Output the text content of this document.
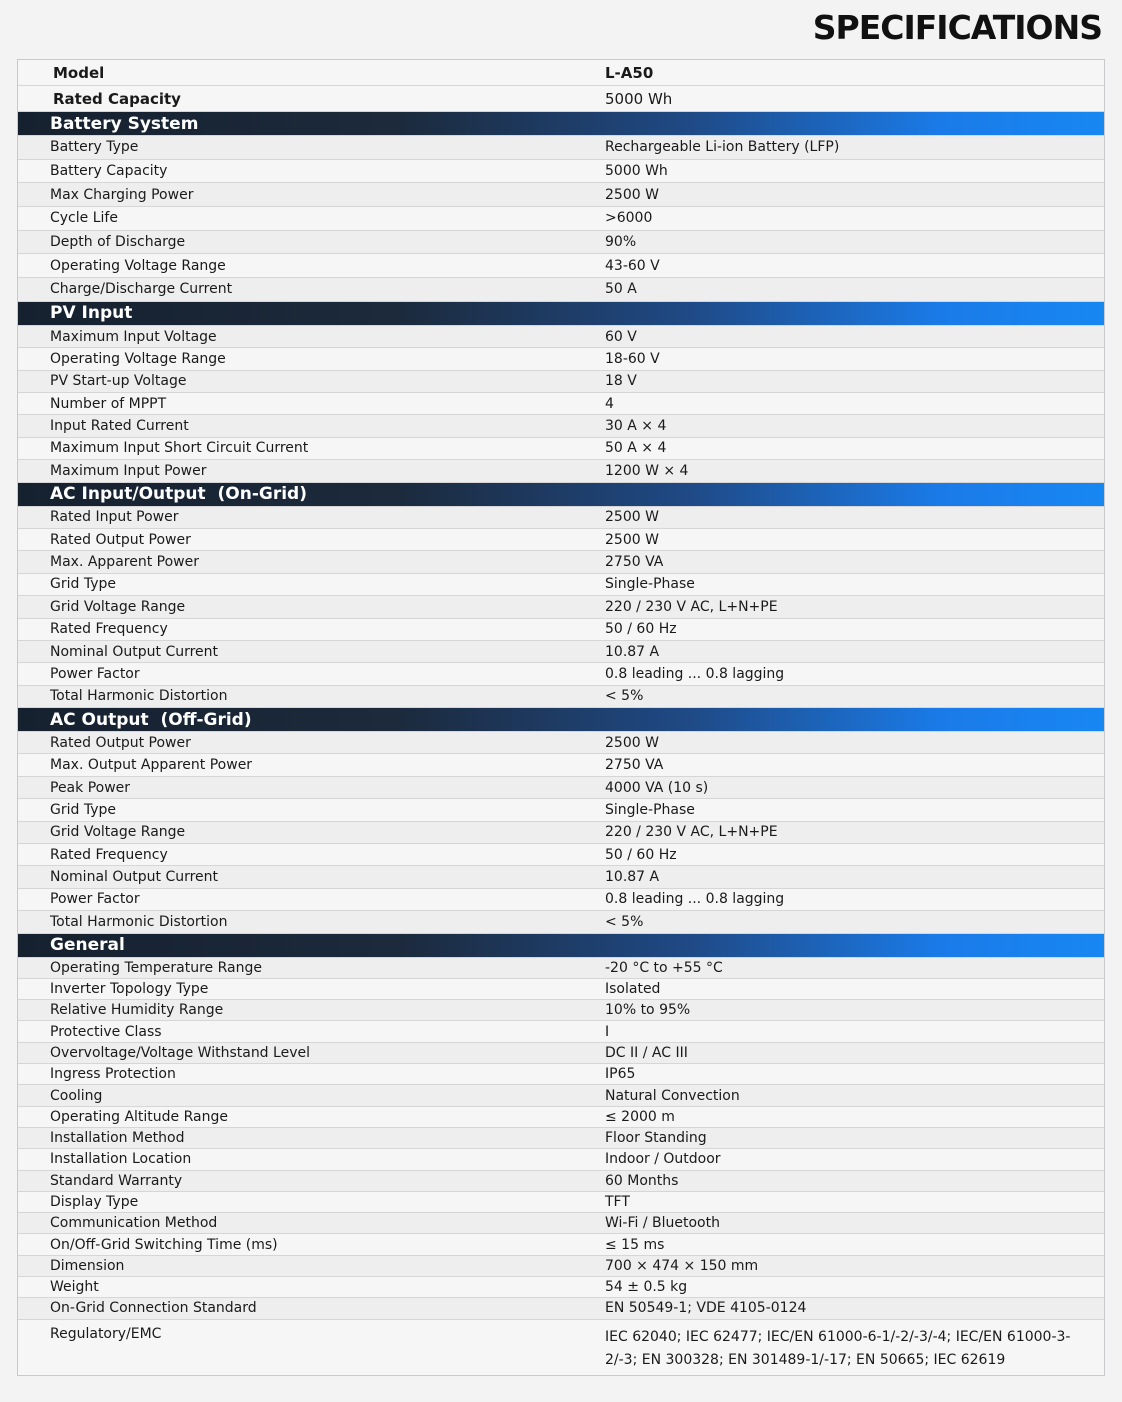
SPECIFICATIONS
Model	L-A50
Rated Capacity	5000 Wh
Battery System
Battery Type	Rechargeable Li-ion Battery (LFP)
Battery Capacity	5000 Wh
Max Charging Power	2500 W
Cycle Life	>6000
Depth of Discharge	90%
Operating Voltage Range	43-60 V
Charge/Discharge Current	50 A
PV Input
Maximum Input Voltage	60 V
Operating Voltage Range	18-60 V
PV Start-up Voltage	18 V
Number of MPPT	4
Input Rated Current	30 A × 4
Maximum Input Short Circuit Current	50 A × 4
Maximum Input Power	1200 W × 4
AC Input/Output  (On-Grid)
Rated Input Power	2500 W
Rated Output Power	2500 W
Max. Apparent Power	2750 VA
Grid Type	Single-Phase
Grid Voltage Range	220 / 230 V AC, L+N+PE
Rated Frequency	50 / 60 Hz
Nominal Output Current	10.87 A
Power Factor	0.8 leading ... 0.8 lagging
Total Harmonic Distortion	< 5%
AC Output  (Off-Grid)
Rated Output Power	2500 W
Max. Output Apparent Power	2750 VA
Peak Power	4000 VA (10 s)
Grid Type	Single-Phase
Grid Voltage Range	220 / 230 V AC, L+N+PE
Rated Frequency	50 / 60 Hz
Nominal Output Current	10.87 A
Power Factor	0.8 leading ... 0.8 lagging
Total Harmonic Distortion	< 5%
General
Operating Temperature Range	-20 °C to +55 °C
Inverter Topology Type	Isolated
Relative Humidity Range	10% to 95%
Protective Class	I
Overvoltage/Voltage Withstand Level	DC II / AC III
Ingress Protection	IP65
Cooling	Natural Convection
Operating Altitude Range	≤ 2000 m
Installation Method	Floor Standing
Installation Location	Indoor / Outdoor
Standard Warranty	60 Months
Display Type	TFT
Communication Method	Wi-Fi / Bluetooth
On/Off-Grid Switching Time (ms)	≤ 15 ms
Dimension	700 × 474 × 150 mm
Weight	54 ± 0.5 kg
On-Grid Connection Standard	EN 50549-1; VDE 4105-0124
Regulatory/EMC	IEC 62040; IEC 62477; IEC/EN 61000-6-1/-2/-3/-4; IEC/EN 61000-3-2/-3; EN 300328; EN 301489-1/-17; EN 50665; IEC 62619
